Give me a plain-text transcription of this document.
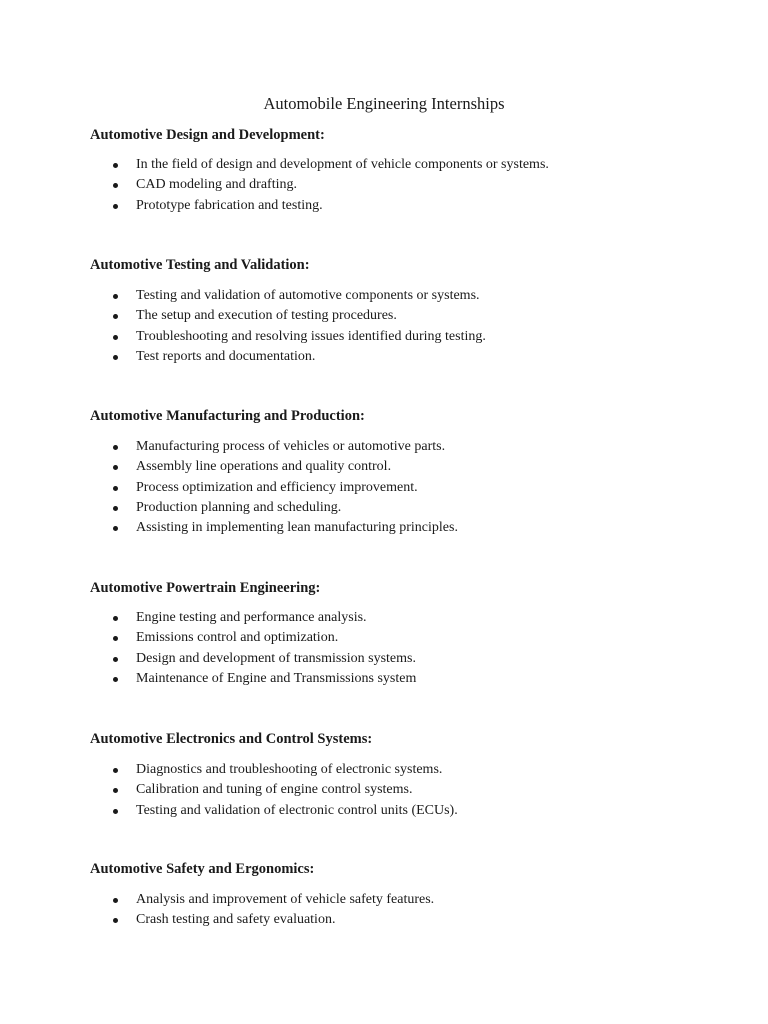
Automobile Engineering Internships
Automotive Design and Development:
In the field of design and development of vehicle components or systems.
CAD modeling and drafting.
Prototype fabrication and testing.
Automotive Testing and Validation:
Testing and validation of automotive components or systems.
The setup and execution of testing procedures.
Troubleshooting and resolving issues identified during testing.
Test reports and documentation.
Automotive Manufacturing and Production:
Manufacturing process of vehicles or automotive parts.
Assembly line operations and quality control.
Process optimization and efficiency improvement.
Production planning and scheduling.
Assisting in implementing lean manufacturing principles.
Automotive Powertrain Engineering:
Engine testing and performance analysis.
Emissions control and optimization.
Design and development of transmission systems.
Maintenance of Engine and Transmissions system
Automotive Electronics and Control Systems:
Diagnostics and troubleshooting of electronic systems.
Calibration and tuning of engine control systems.
Testing and validation of electronic control units (ECUs).
Automotive Safety and Ergonomics:
Analysis and improvement of vehicle safety features.
Crash testing and safety evaluation.
